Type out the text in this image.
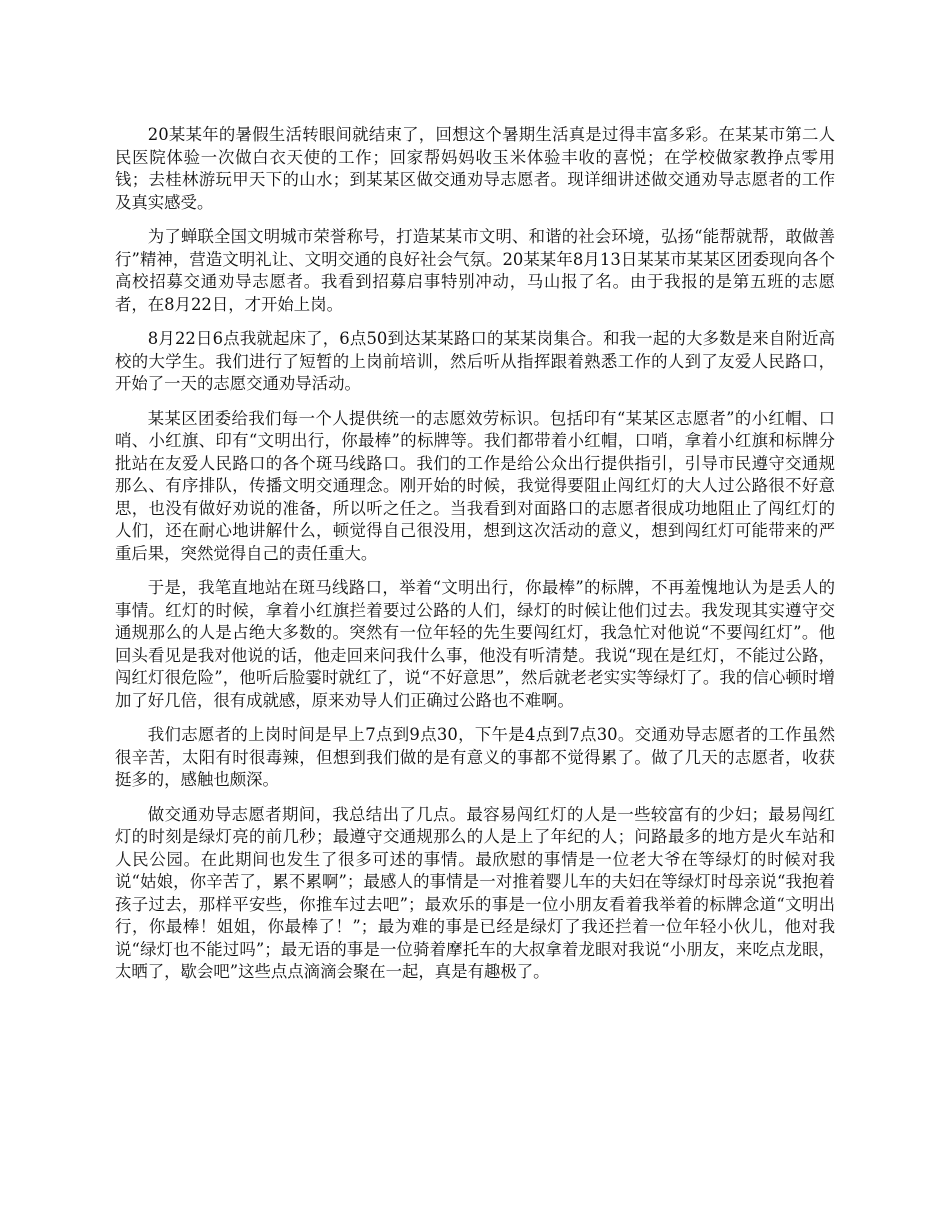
20某某年的暑假生活转眼间就结束了，回想这个暑期生活真是过得丰富多彩。在某某市第二人民医院体验一次做白衣天使的工作；回家帮妈妈收玉米体验丰收的喜悦；在学校做家教挣点零用钱；去桂林游玩甲天下的山水；到某某区做交通劝导志愿者。现详细讲述做交通劝导志愿者的工作及真实感受。

为了蝉联全国文明城市荣誉称号，打造某某市文明、和谐的社会环境，弘扬“能帮就帮，敢做善行”精神，营造文明礼让、文明交通的良好社会气氛。20某某年8月13日某某市某某区团委现向各个高校招募交通劝导志愿者。我看到招募启事特别冲动，马山报了名。由于我报的是第五班的志愿者，在8月22日，才开始上岗。

8月22日6点我就起床了，6点50到达某某路口的某某岗集合。和我一起的大多数是来自附近高校的大学生。我们进行了短暂的上岗前培训，然后听从指挥跟着熟悉工作的人到了友爱人民路口，开始了一天的志愿交通劝导活动。

某某区团委给我们每一个人提供统一的志愿效劳标识。包括印有“某某区志愿者”的小红帽、口哨、小红旗、印有“文明出行，你最棒”的标牌等。我们都带着小红帽，口哨，拿着小红旗和标牌分批站在友爱人民路口的各个斑马线路口。我们的工作是给公众出行提供指引，引导市民遵守交通规那么、有序排队，传播文明交通理念。刚开始的时候，我觉得要阻止闯红灯的大人过公路很不好意思，也没有做好劝说的准备，所以听之任之。当我看到对面路口的志愿者很成功地阻止了闯红灯的人们，还在耐心地讲解什么，顿觉得自己很没用，想到这次活动的意义，想到闯红灯可能带来的严重后果，突然觉得自己的责任重大。

于是，我笔直地站在斑马线路口，举着“文明出行，你最棒”的标牌，不再羞愧地认为是丢人的事情。红灯的时候，拿着小红旗拦着要过公路的人们，绿灯的时候让他们过去。我发现其实遵守交通规那么的人是占绝大多数的。突然有一位年轻的先生要闯红灯，我急忙对他说“不要闯红灯”。他回头看见是我对他说的话，他走回来问我什么事，他没有听清楚。我说“现在是红灯，不能过公路，闯红灯很危险”，他听后脸霎时就红了，说“不好意思”，然后就老老实实等绿灯了。我的信心顿时增加了好几倍，很有成就感，原来劝导人们正确过公路也不难啊。

我们志愿者的上岗时间是早上7点到9点30，下午是4点到7点30。交通劝导志愿者的工作虽然很辛苦，太阳有时很毒辣，但想到我们做的是有意义的事都不觉得累了。做了几天的志愿者，收获挺多的，感触也颇深。

做交通劝导志愿者期间，我总结出了几点。最容易闯红灯的人是一些较富有的少妇；最易闯红灯的时刻是绿灯亮的前几秒；最遵守交通规那么的人是上了年纪的人；问路最多的地方是火车站和人民公园。在此期间也发生了很多可述的事情。最欣慰的事情是一位老大爷在等绿灯的时候对我说“姑娘，你辛苦了，累不累啊”；最感人的事情是一对推着婴儿车的夫妇在等绿灯时母亲说“我抱着孩子过去，那样平安些，你推车过去吧”；最欢乐的事是一位小朋友看着我举着的标牌念道“文明出行，你最棒！姐姐，你最棒了！”；最为难的事是已经是绿灯了我还拦着一位年轻小伙儿，他对我说“绿灯也不能过吗”；最无语的事是一位骑着摩托车的大叔拿着龙眼对我说“小朋友，来吃点龙眼，太晒了，歇会吧”这些点点滴滴会聚在一起，真是有趣极了。
